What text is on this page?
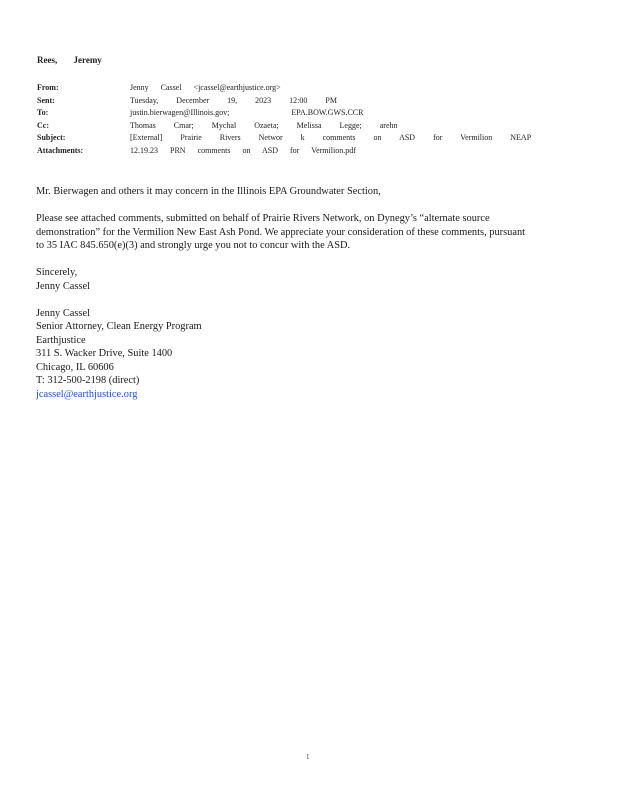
Rees, Jeremy
From:	Jenny Cassel <jcassel@earthjustice.org>
Sent:	Tuesday, December 19, 2023 12:00 PM
To:	justin.bierwagen@Illinois.gov; EPA.BOW.GWS.CCR
Cc:	Thomas Cmar; Mychal Ozaeta; Melissa Legge; arehn
Subject:	[External] Prairie Rivers Networ k comments on ASD for Vermilion NEAP
Attachments:	12.19.23 PRN comments on ASD for Vermilion.pdf

Mr. Bierwagen and others it may concern in the Illinois EPA Groundwater Section,

Please see attached comments, submitted on behalf of Prairie Rivers Network, on Dynegy’s “alternate source

demonstration” for the Vermilion New East Ash Pond. We appreciate your consideration of these comments, pursuant

to 35 IAC 845.650(e)(3) and strongly urge you not to concur with the ASD.

Sincerely,

Jenny Cassel

Jenny Cassel

Senior Attorney, Clean Energy Program

Earthjustice

311 S. Wacker Drive, Suite 1400

Chicago, IL 60606

T: 312-500-2198 (direct)

jcassel@earthjustice.org

1
